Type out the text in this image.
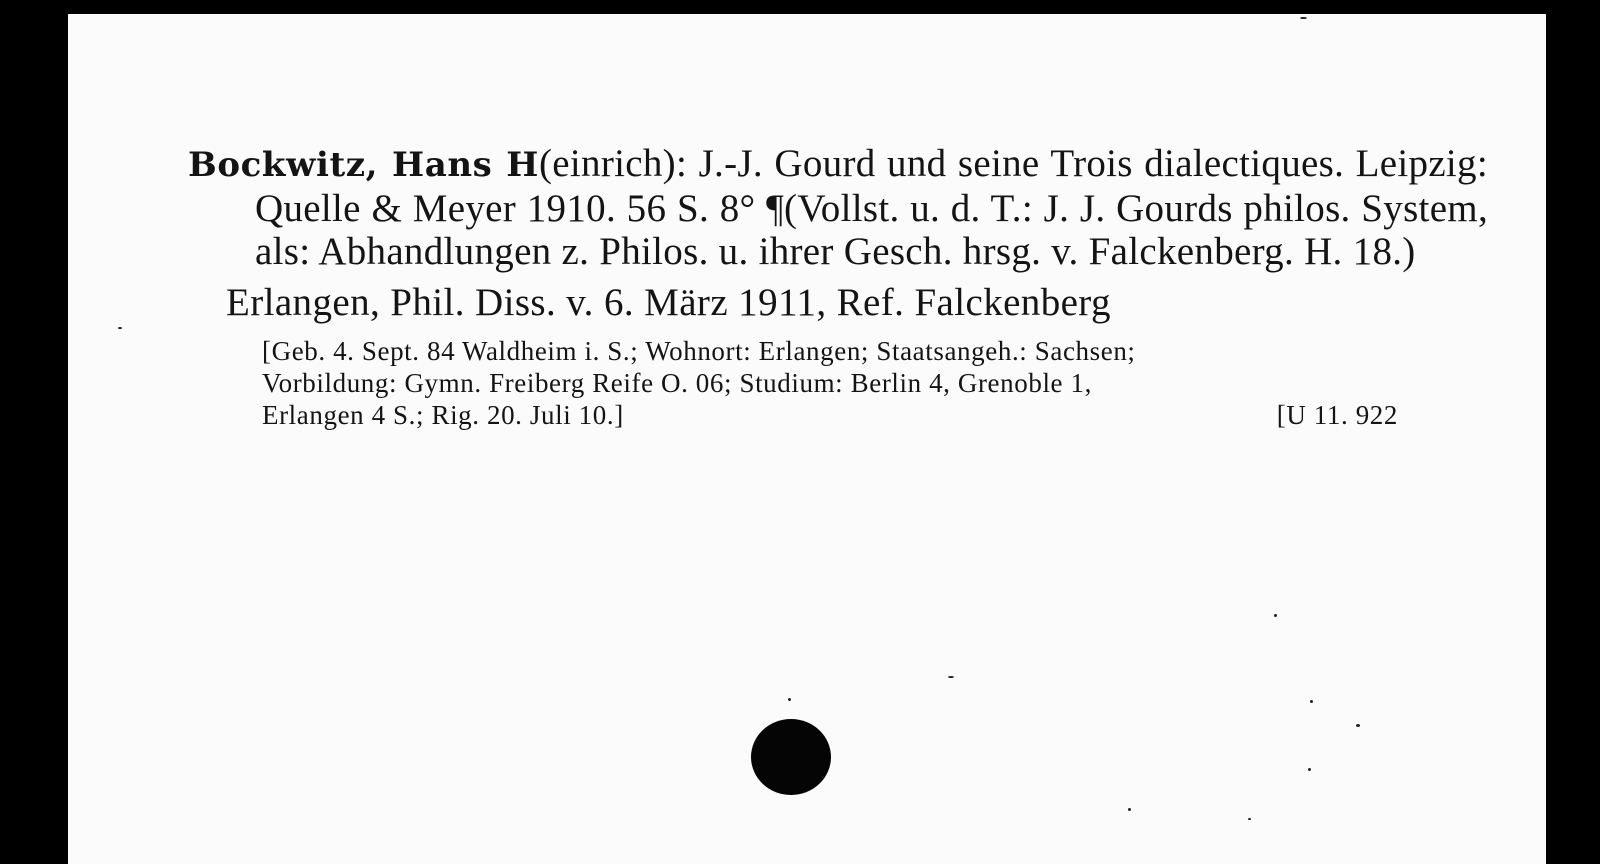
Bockwitz, Hans H(einrich): J.-J. Gourd und seine Trois dialectiques. Leipzig: Quelle & Meyer 1910. 56 S. 8° ¶(Vollst. u. d. T.: J. J. Gourds philos. System, als: Abhandlungen z. Philos. u. ihrer Gesch. hrsg. v. Falckenberg. H. 18.)

Erlangen, Phil. Diss. v. 6. März 1911, Ref. Falckenberg
[Geb. 4. Sept. 84 Waldheim i. S.; Wohnort: Erlangen; Staatsangeh.: Sachsen;
Vorbildung: Gymn. Freiberg Reife O. 06; Studium: Berlin 4, Grenoble 1,
Erlangen 4 S.; Rig. 20. Juli 10.]	[U 11. 922
